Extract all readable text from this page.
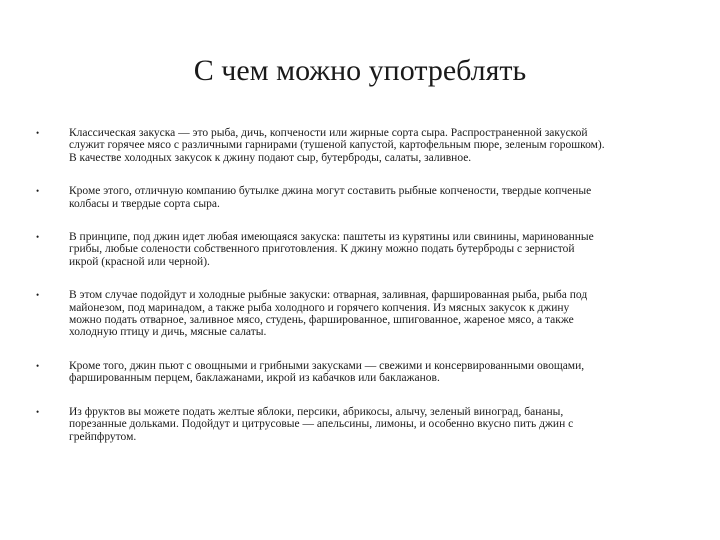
С чем можно употреблять
•	Классическая закуска — это рыба, дичь, копчености или жирные сорта сыра. Распространенной закуской
служит горячее мясо с различными гарнирами (тушеной капустой, картофельным пюре, зеленым горошком).
В качестве холодных закусок к джину подают сыр, бутерброды, салаты, заливное.
•	Кроме этого, отличную компанию бутылке джина могут составить рыбные копчености, твердые копченые
колбасы и твердые сорта сыра.
•	В принципе, под джин идет любая имеющаяся закуска: паштеты из курятины или свинины, маринованные
грибы, любые солености собственного приготовления. К джину можно подать бутерброды с зернистой
икрой (красной или черной).
•	В этом случае подойдут и холодные рыбные закуски: отварная, заливная, фаршированная рыба, рыба под
майонезом, под маринадом, а также рыба холодного и горячего копчения. Из мясных закусок к джину
можно подать отварное, заливное мясо, студень, фаршированное, шпигованное, жареное мясо, а также
холодную птицу и дичь, мясные салаты.
•	Кроме того, джин пьют с овощными и грибными закусками — свежими и консервированными овощами,
фаршированным перцем, баклажанами, икрой из кабачков или баклажанов.
•	Из фруктов вы можете подать желтые яблоки, персики, абрикосы, алычу, зеленый виноград, бананы,
порезанные дольками. Подойдут и цитрусовые — апельсины, лимоны, и особенно вкусно пить джин с
грейпфрутом.
